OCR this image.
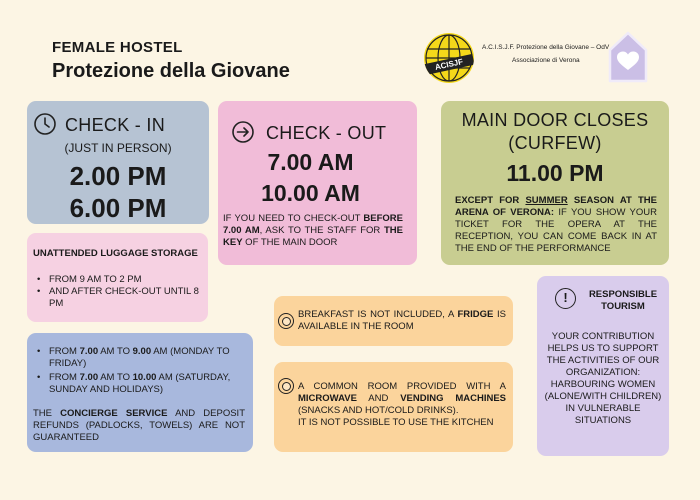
FEMALE HOSTEL
Protezione della Giovane	ACISJF
A.C.I.S.J.F. Protezione della Giovane – OdV
Associazione di Verona
CHECK - IN
(JUST IN PERSON)
2.00 PM
6.00 PM
CHECK - OUT
7.00 AM
10.00 AM
IF YOU NEED TO CHECK-OUT BEFORE 7.00 AM, ASK TO THE STAFF FOR THE KEY OF THE MAIN DOOR
MAIN DOOR CLOSES
(CURFEW)
11.00 PM
EXCEPT FOR SUMMER SEASON AT THE ARENA OF VERONA: IF YOU SHOW YOUR TICKET FOR THE OPERA AT THE RECEPTION, YOU CAN COME BACK IN AT THE END OF THE PERFORMANCE
UNATTENDED LUGGAGE STORAGE
• FROM 9 AM TO 2 PM
• AND AFTER CHECK-OUT UNTIL 8 PM
• FROM 7.00 AM TO 9.00 AM (MONDAY TO FRIDAY)
• FROM 7.00 AM TO 10.00 AM (SATURDAY, SUNDAY AND HOLIDAYS)
THE CONCIERGE SERVICE AND DEPOSIT REFUNDS (PADLOCKS, TOWELS) ARE NOT GUARANTEED
BREAKFAST IS NOT INCLUDED, A FRIDGE IS AVAILABLE IN THE ROOM
A COMMON ROOM PROVIDED WITH A MICROWAVE AND VENDING MACHINES (SNACKS AND HOT/COLD DRINKS).
IT IS NOT POSSIBLE TO USE THE KITCHEN
!	RESPONSIBLE
TOURISM
YOUR CONTRIBUTION HELPS US TO SUPPORT THE ACTIVITIES OF OUR ORGANIZATION: HARBOURING WOMEN (ALONE/WITH CHILDREN) IN VULNERABLE SITUATIONS
